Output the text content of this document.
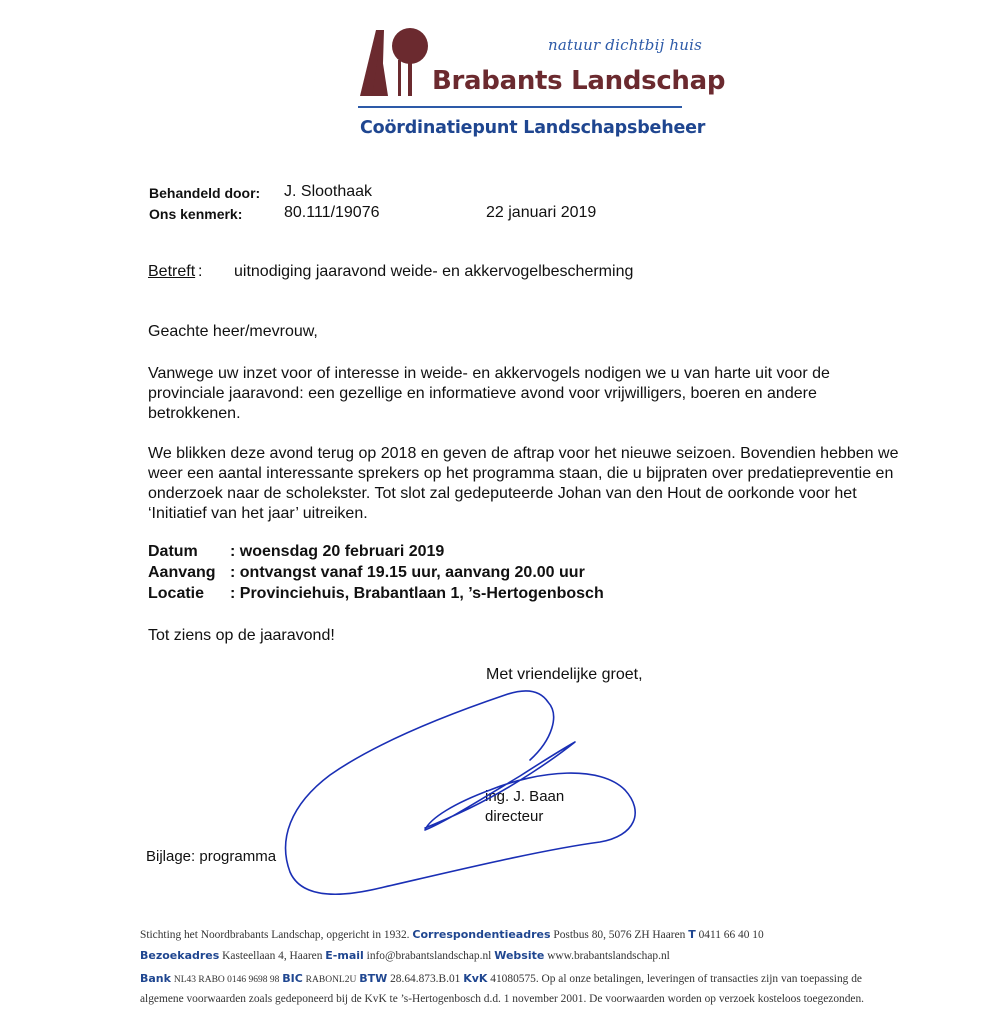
natuur dichtbij huis
Brabants Landschap
Coördinatiepunt Landschapsbeheer
Behandeld door: J. Sloothaak
Ons kenmerk:	80.111/19076	22 januari 2019
Betreft : uitnodiging jaaravond weide- en akkervogelbescherming

Geachte heer/mevrouw,

Vanwege uw inzet voor of interesse in weide- en akkervogels nodigen we u van harte uit voor de provinciale jaaravond: een gezellige en informatieve avond voor vrijwilligers, boeren en andere betrokkenen.

We blikken deze avond terug op 2018 en geven de aftrap voor het nieuwe seizoen. Bovendien hebben we weer een aantal interessante sprekers op het programma staan, die u bijpraten over predatiepreventie en onderzoek naar de scholekster. Tot slot zal gedeputeerde Johan van den Hout de oorkonde voor het ‘Initiatief van het jaar’ uitreiken.

Datum : woensdag 20 februari 2019
Aanvang : ontvangst vanaf 19.15 uur, aanvang 20.00 uur
Locatie : Provinciehuis, Brabantlaan 1, ’s-Hertogenbosch

Tot ziens op de jaaravond!

Met vriendelijke groet,
ing. J. Baan
directeur
Bijlage: programma
Stichting het Noordbrabants Landschap, opgericht in 1932. Correspondentieadres Postbus 80, 5076 ZH Haaren T 0411 66 40 10
Bezoekadres Kasteellaan 4, Haaren E-mail info@brabantslandschap.nl Website www.brabantslandschap.nl
Bank NL43 RABO 0146 9698 98 BIC RABONL2U BTW 28.64.873.B.01 KvK 41080575. Op al onze betalingen, leveringen of transacties zijn van toepassing de
algemene voorwaarden zoals gedeponeerd bij de KvK te ’s-Hertogenbosch d.d. 1 november 2001. De voorwaarden worden op verzoek kosteloos toegezonden.
